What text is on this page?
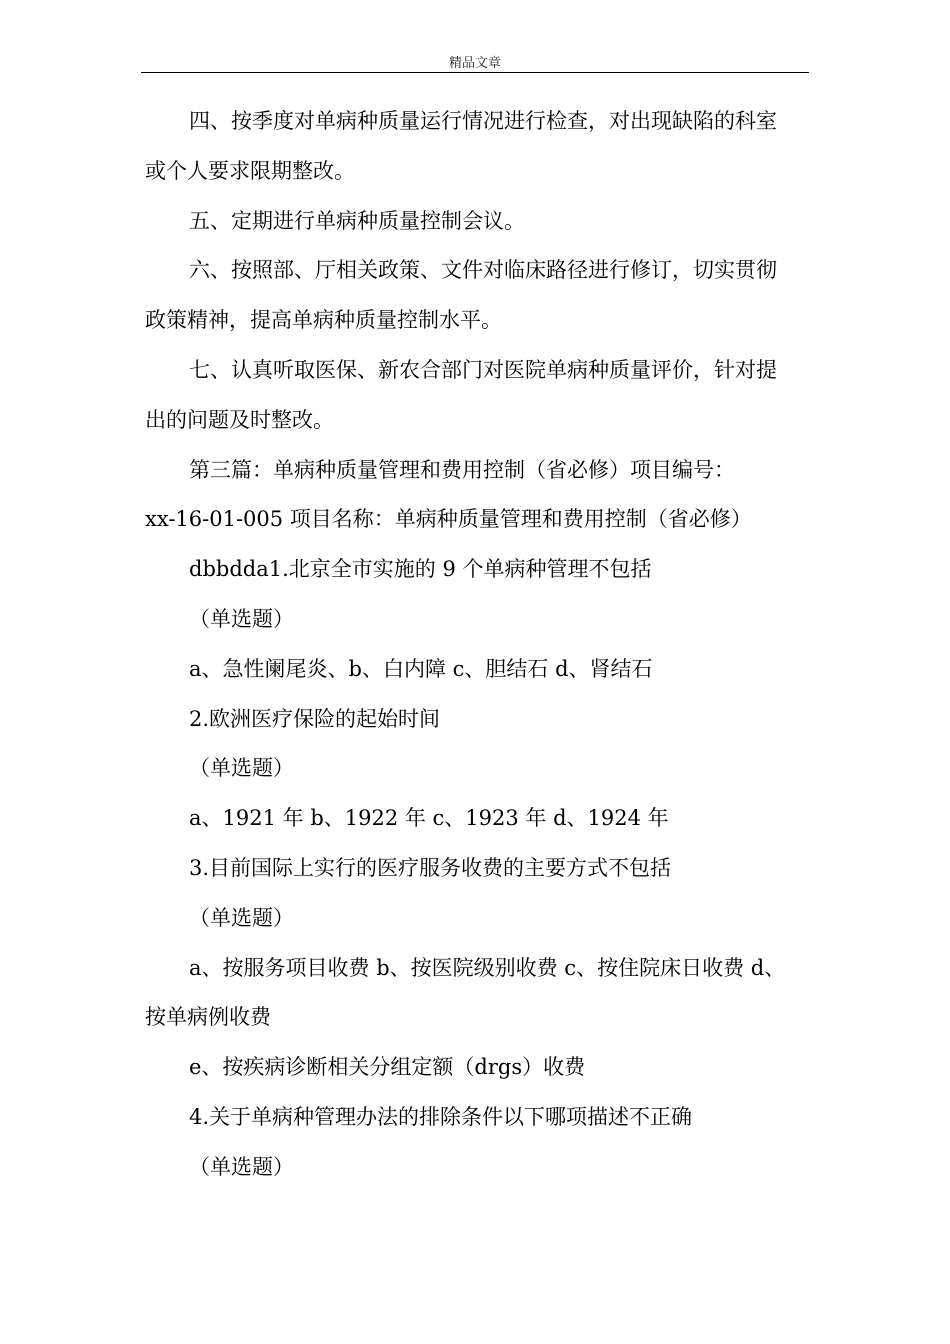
精品文章
四、按季度对单病种质量运行情况进行检查，对出现缺陷的科室
或个人要求限期整改。
五、定期进行单病种质量控制会议。
六、按照部、厅相关政策、文件对临床路径进行修订，切实贯彻
政策精神，提高单病种质量控制水平。
七、认真听取医保、新农合部门对医院单病种质量评价，针对提
出的问题及时整改。
第三篇：单病种质量管理和费用控制（省必修）项目编号：
xx-16-01-005 项目名称：单病种质量管理和费用控制（省必修）
dbbdda1.北京全市实施的 9 个单病种管理不包括
（单选题）
a、急性阑尾炎、b、白内障 c、胆结石 d、肾结石
2.欧洲医疗保险的起始时间
（单选题）
a、1921 年 b、1922 年 c、1923 年 d、1924 年
3.目前国际上实行的医疗服务收费的主要方式不包括
（单选题）
a、按服务项目收费 b、按医院级别收费 c、按住院床日收费 d、
按单病例收费
e、按疾病诊断相关分组定额（drgs）收费
4.关于单病种管理办法的排除条件以下哪项描述不正确
（单选题）
